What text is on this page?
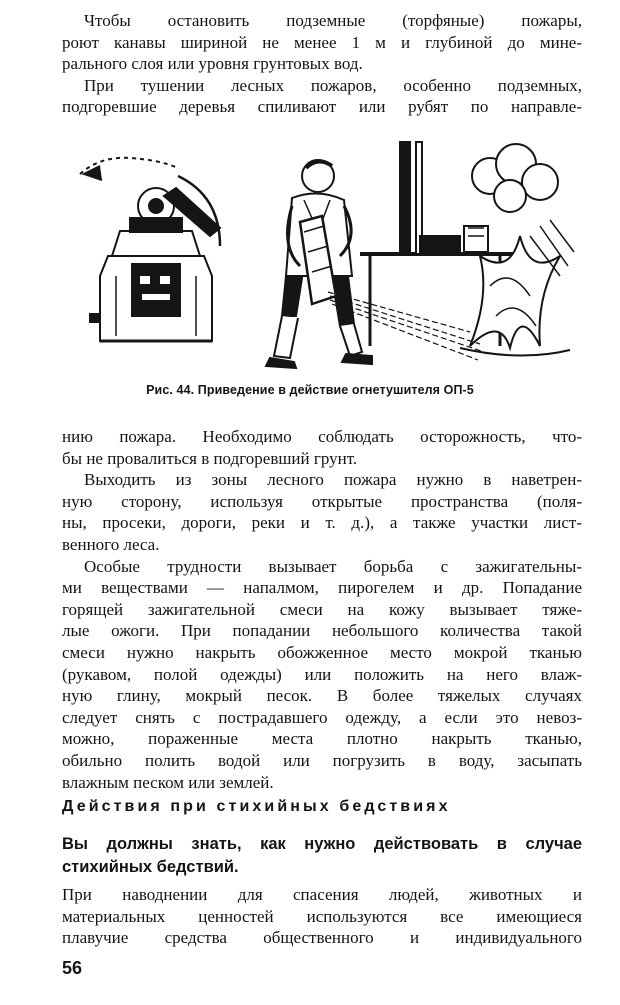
Чтобы остановить подземные (торфяные) пожары,
роют канавы шириной не менее 1 м и глубиной до мине-
рального слоя или уровня грунтовых вод.
При тушении лесных пожаров, особенно подземных,
подгоревшие деревья спиливают или рубят по направле-
Рис. 44. Приведение в действие огнетушителя ОП-5
нию пожара. Необходимо соблюдать осторожность, что-
бы не провалиться в подгоревший грунт.
Выходить из зоны лесного пожара нужно в наветрен-
ную сторону, используя открытые пространства (поля-
ны, просеки, дороги, реки и т. д.), а также участки лист-
венного леса.
Особые трудности вызывает борьба с зажигательны-
ми веществами — напалмом, пирогелем и др. Попадание
горящей зажигательной смеси на кожу вызывает тяже-
лые ожоги. При попадании небольшого количества такой
смеси нужно накрыть обожженное место мокрой тканью
(рукавом, полой одежды) или положить на него влаж-
ную глину, мокрый песок. В более тяжелых случаях
следует снять с пострадавшего одежду, а если это невоз-
можно, пораженные места плотно накрыть тканью,
обильно полить водой или погрузить в воду, засыпать
влажным песком или землей.
Действия при стихийных бедствиях
Вы должны знать, как нужно действовать в случае
стихийных бедствий.
При наводнении для спасения людей, животных и
материальных ценностей используются все имеющиеся
плавучие средства общественного и индивидуального
56
